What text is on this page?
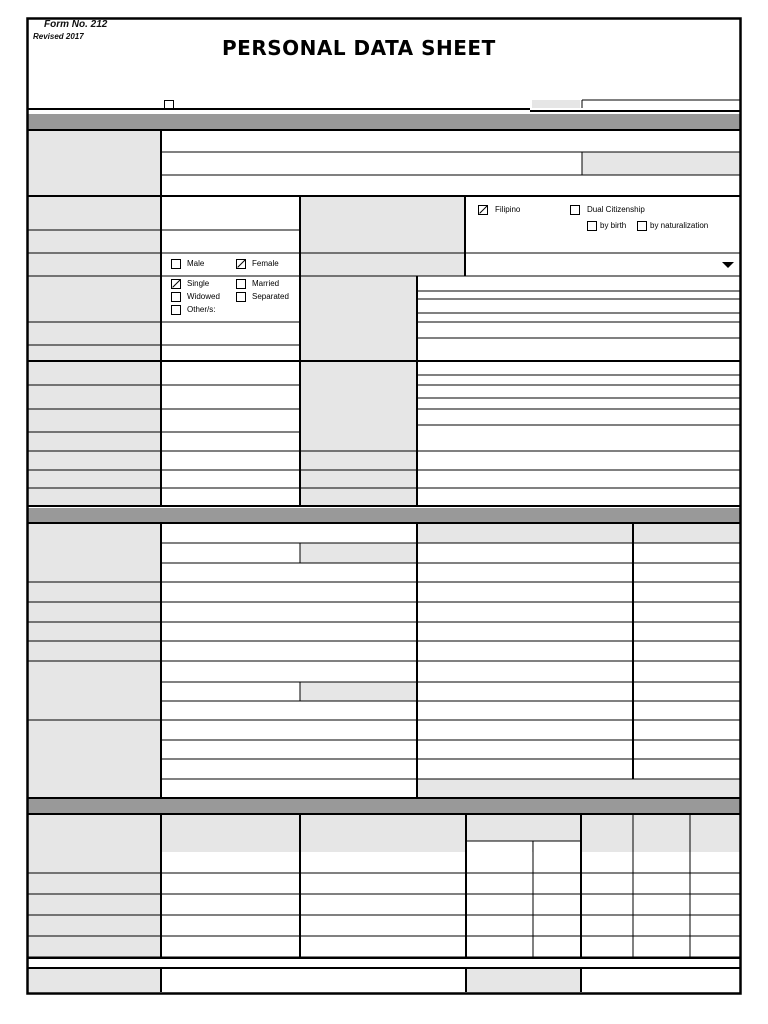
Form No. 212
Revised 2017	PERSONAL DATA SHEET
Male	Female
Single	Married
Widowed	Separated
Other/s:
Filipino	Dual Citizenship
by birth	by naturalization
